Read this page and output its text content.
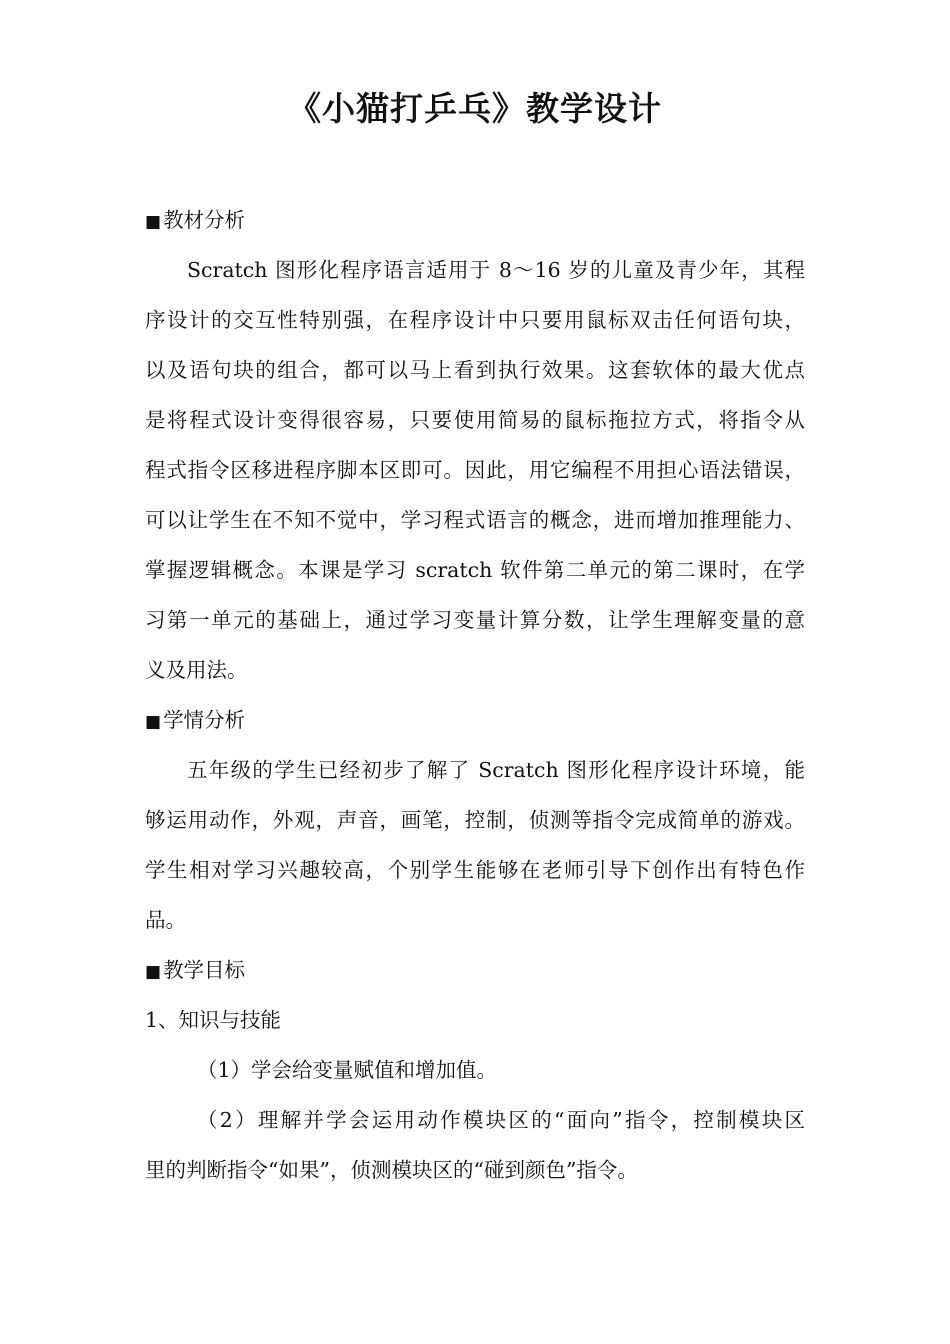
《小猫打乒乓》教学设计
■教材分析
Scratch 图形化程序语言适用于 8～16 岁的儿童及青少年，其程
序设计的交互性特别强，在程序设计中只要用鼠标双击任何语句块，
以及语句块的组合，都可以马上看到执行效果。这套软体的最大优点
是将程式设计变得很容易，只要使用简易的鼠标拖拉方式，将指令从
程式指令区移进程序脚本区即可。因此，用它编程不用担心语法错误，
可以让学生在不知不觉中，学习程式语言的概念，进而增加推理能力、
掌握逻辑概念。本课是学习 scratch 软件第二单元的第二课时，在学
习第一单元的基础上，通过学习变量计算分数，让学生理解变量的意
义及用法。
■学情分析
五年级的学生已经初步了解了 Scratch 图形化程序设计环境，能
够运用动作，外观，声音，画笔，控制，侦测等指令完成简单的游戏。
学生相对学习兴趣较高，个别学生能够在老师引导下创作出有特色作
品。
■教学目标
1、知识与技能
（1）学会给变量赋值和增加值。
（2）理解并学会运用动作模块区的“面向”指令，控制模块区
里的判断指令“如果”，侦测模块区的“碰到颜色”指令。
